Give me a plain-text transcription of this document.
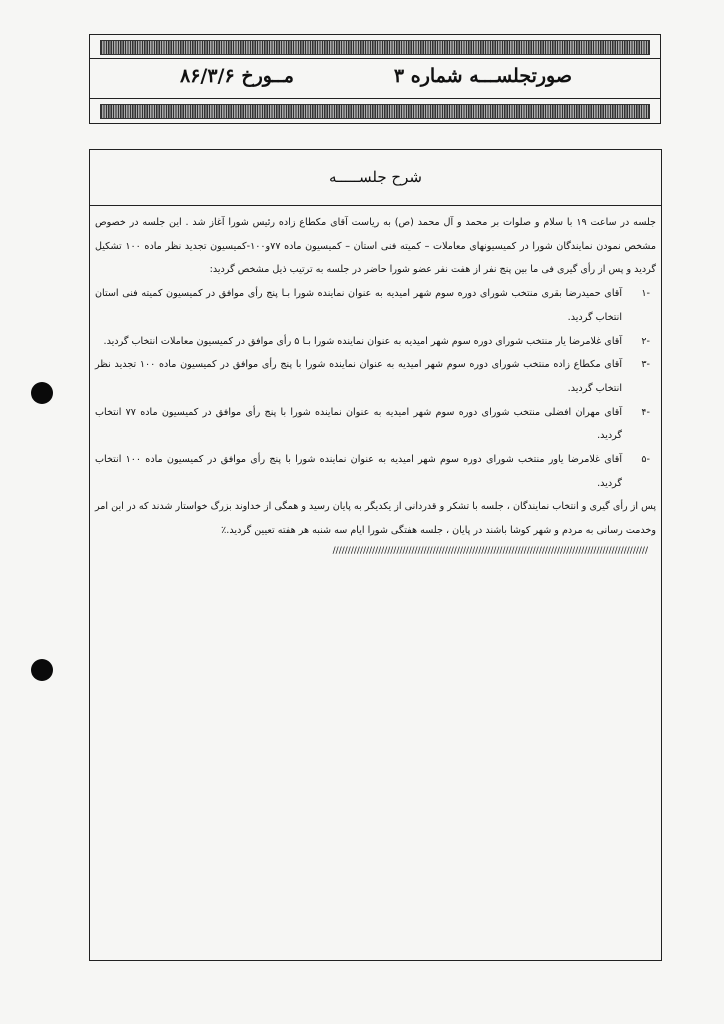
صورتجلســـه شماره ۳
مــورخ ۸۶/۳/۶
شرح جلســـــه

جلسه در ساعت ۱۹ با سلام و صلوات بر محمد و آل محمد (ص) به ریاست آقای مکطاع زاده رئیس شورا آغاز شد . این جلسه در خصوص مشخص نمودن نمایندگان شورا در کمیسیونهای معاملات – کمیته فنی استان – کمیسیون ماده ۷۷و۱۰۰-کمیسیون تجدید نظر ماده ۱۰۰ تشکیل گردید و پس از رأی گیری فی ما بین پنج نفر از هفت نفر عضو شورا حاضر در جلسه به ترتیب ذیل مشخص گردید:

-۱
آقای حمیدرضا بقری منتخب شورای دوره سوم شهر امیدیه به عنوان نماینده شورا بـا پنج رأی موافق در کمیسیون کمیته فنی استان انتخاب گردید.
-۲
آقای غلامرضا یار منتخب شورای دوره سوم شهر امیدیه به عنوان نماینده شورا بـا ۵ رأی موافق در کمیسیون معاملات انتخاب گردید.
-۳
آقای مکطاع زاده منتخب شورای دوره سوم شهر امیدیه به عنوان نماینده شورا با پنج رأی موافق در کمیسیون ماده ۱۰۰ تجدید نظر انتخاب گردید.
-۴
آقای مهران افضلی منتخب شورای دوره سوم شهر امیدیه به عنوان نماینده شورا با پنج رأی موافق در کمیسیون ماده ۷۷ انتخاب گردید.
-۵
آقای غلامرضا یاور منتخب شورای دوره سوم شهر امیدیه به عنوان نماینده شورا با پنج رأی موافق در کمیسیون ماده ۱۰۰ انتخاب گردید.

پس از رأی گیری و انتخاب نمایندگان ، جلسه با تشکر و قدردانی از یکدیگر به پایان رسید و همگی از خداوند بزرگ خواستار شدند که در این امر وخدمت رسانی به مردم و شهر کوشا باشند در پایان ، جلسه هفتگی شورا ایام سه شنبه هر هفته تعیین گردید.٪

////////////////////////////////////////////////////////////////////////////////////////////////////////
